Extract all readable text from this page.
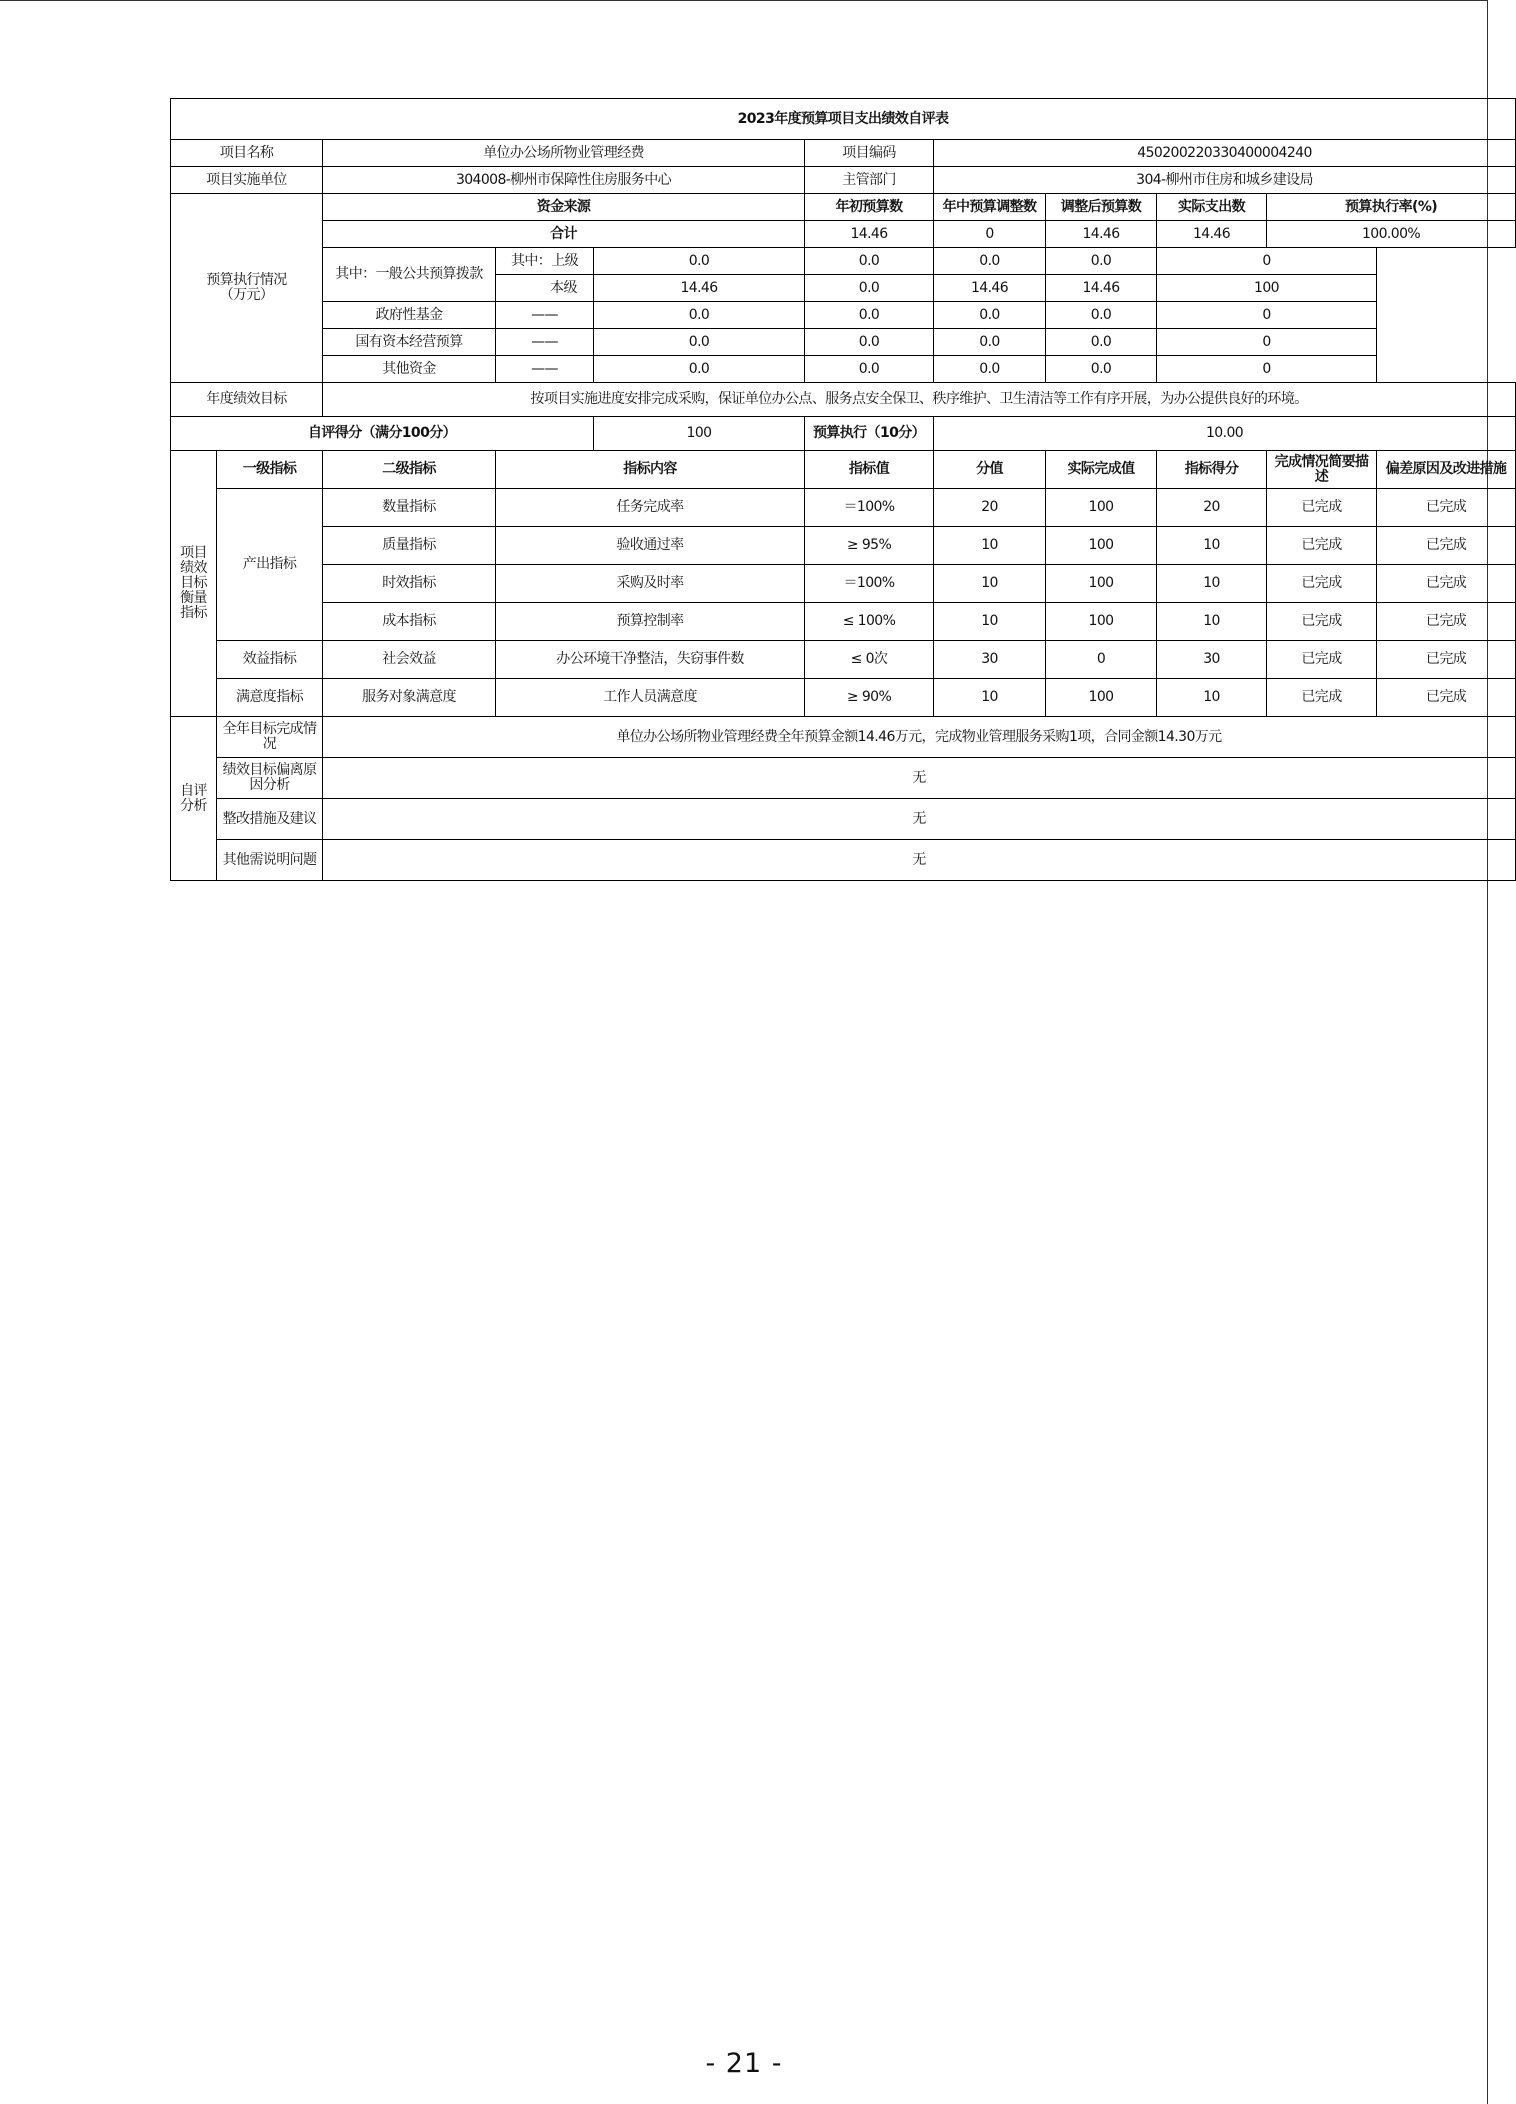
2023年度预算项目支出绩效自评表										
项目名称		单位办公场所物业管理经费			项目编码	450200220330400004240				
项目实施单位		304008-柳州市保障性住房服务中心			主管部门	304-柳州市住房和城乡建设局				
预算执行情况
（万元）		资金来源			年初预算数	年中预算调整数	调整后预算数	实际支出数	预算执行率(%)	
		合计			14.46	0	14.46	14.46	100.00%	
		其中：一般公共预算拨款	其中：上级	0.0	0.0	0.0	0.0	0		
			本级	14.46	0.0	14.46	14.46	100		
		政府性基金	——	0.0	0.0	0.0	0.0	0		
		国有资本经营预算	——	0.0	0.0	0.0	0.0	0		
		其他资金	——	0.0	0.0	0.0	0.0	0		
年度绩效目标		按项目实施进度安排完成采购，保证单位办公点、服务点安全保卫、秩序维护、卫生清洁等工作有序开展，为办公提供良好的环境。								
自评得分（满分100分）				100	预算执行（10分）	10.00				
项目
绩效
目标
衡量
指标	一级指标	二级指标	指标内容		指标值	分值	实际完成值	指标得分	完成情况简要描述	偏差原因及改进措施
	产出指标	数量指标	任务完成率		＝100%	20	100	20	已完成	已完成
		质量指标	验收通过率		≥ 95%	10	100	10	已完成	已完成
		时效指标	采购及时率		＝100%	10	100	10	已完成	已完成
		成本指标	预算控制率		≤ 100%	10	100	10	已完成	已完成
	效益指标	社会效益	办公环境干净整洁，失窃事件数		≤ 0次	30	0	30	已完成	已完成
	满意度指标	服务对象满意度	工作人员满意度		≥ 90%	10	100	10	已完成	已完成
自评
分析	全年目标完成情
况	单位办公场所物业管理经费全年预算金额14.46万元，完成物业管理服务采购1项，合同金额14.30万元								
	绩效目标偏离原
因分析	无								
	整改措施及建议	无								
	其他需说明问题	无								
- 21 -
